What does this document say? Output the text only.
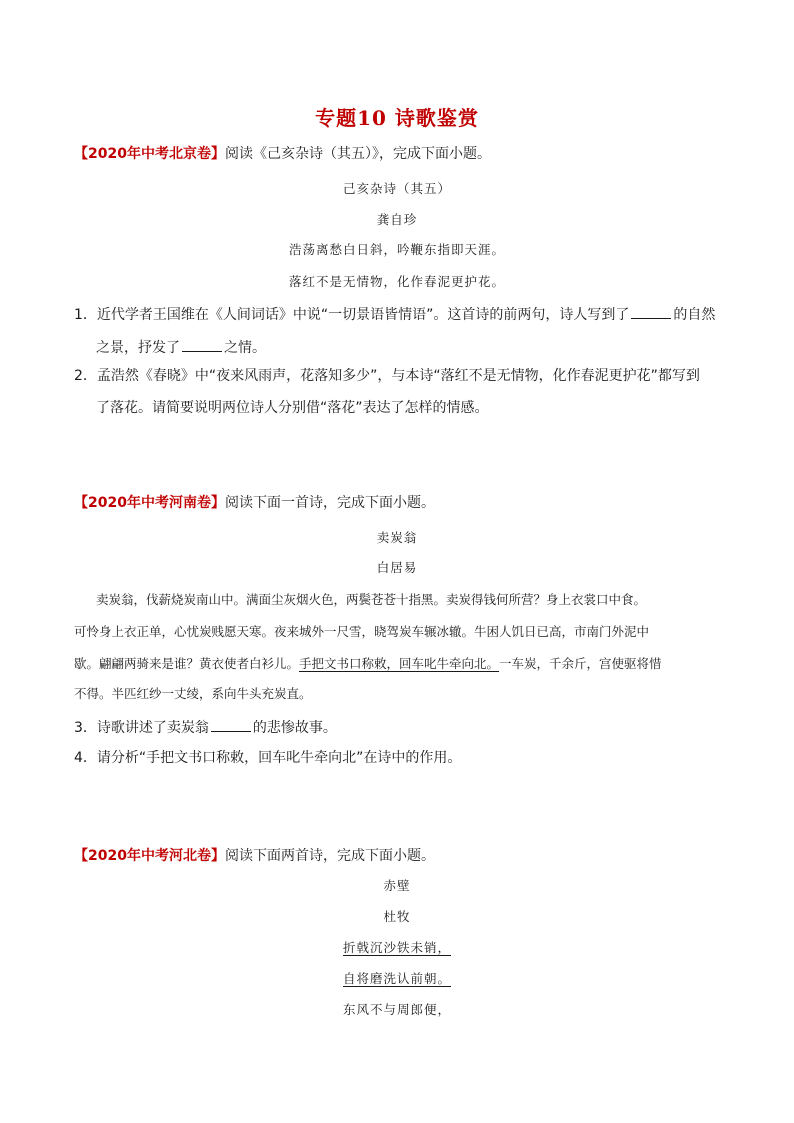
专题10 诗歌鉴赏
【2020年中考北京卷】阅读《己亥杂诗（其五）》，完成下面小题。
己亥杂诗（其五）
龚自珍
浩荡离愁白日斜，吟鞭东指即天涯。
落红不是无情物，化作春泥更护花。
1．近代学者王国维在《人间词话》中说“一切景语皆情语”。这首诗的前两句，诗人写到了	的自然
之景，抒发了	之情。
2．孟浩然《春晓》中“夜来风雨声，花落知多少”，与本诗“落红不是无情物，化作春泥更护花”都写到
了落花。请简要说明两位诗人分别借“落花”表达了怎样的情感。
【2020年中考河南卷】阅读下面一首诗，完成下面小题。
卖炭翁
白居易
卖炭翁，伐薪烧炭南山中。满面尘灰烟火色，两鬓苍苍十指黑。卖炭得钱何所营？身上衣裳口中食。
可怜身上衣正单，心忧炭贱愿天寒。夜来城外一尺雪，晓驾炭车辗冰辙。牛困人饥日已高，市南门外泥中
歇。翩翩两骑来是谁？黄衣使者白衫儿。手把文书口称敕，回车叱牛牵向北。一车炭，千余斤，宫使驱将惜
不得。半匹红纱一丈绫，系向牛头充炭直。
3．诗歌讲述了卖炭翁	的悲惨故事。
4．请分析“手把文书口称敕，回车叱牛牵向北”在诗中的作用。
【2020年中考河北卷】阅读下面两首诗，完成下面小题。
赤壁
杜牧
折戟沉沙铁未销，
自将磨洗认前朝。
东风不与周郎便，
